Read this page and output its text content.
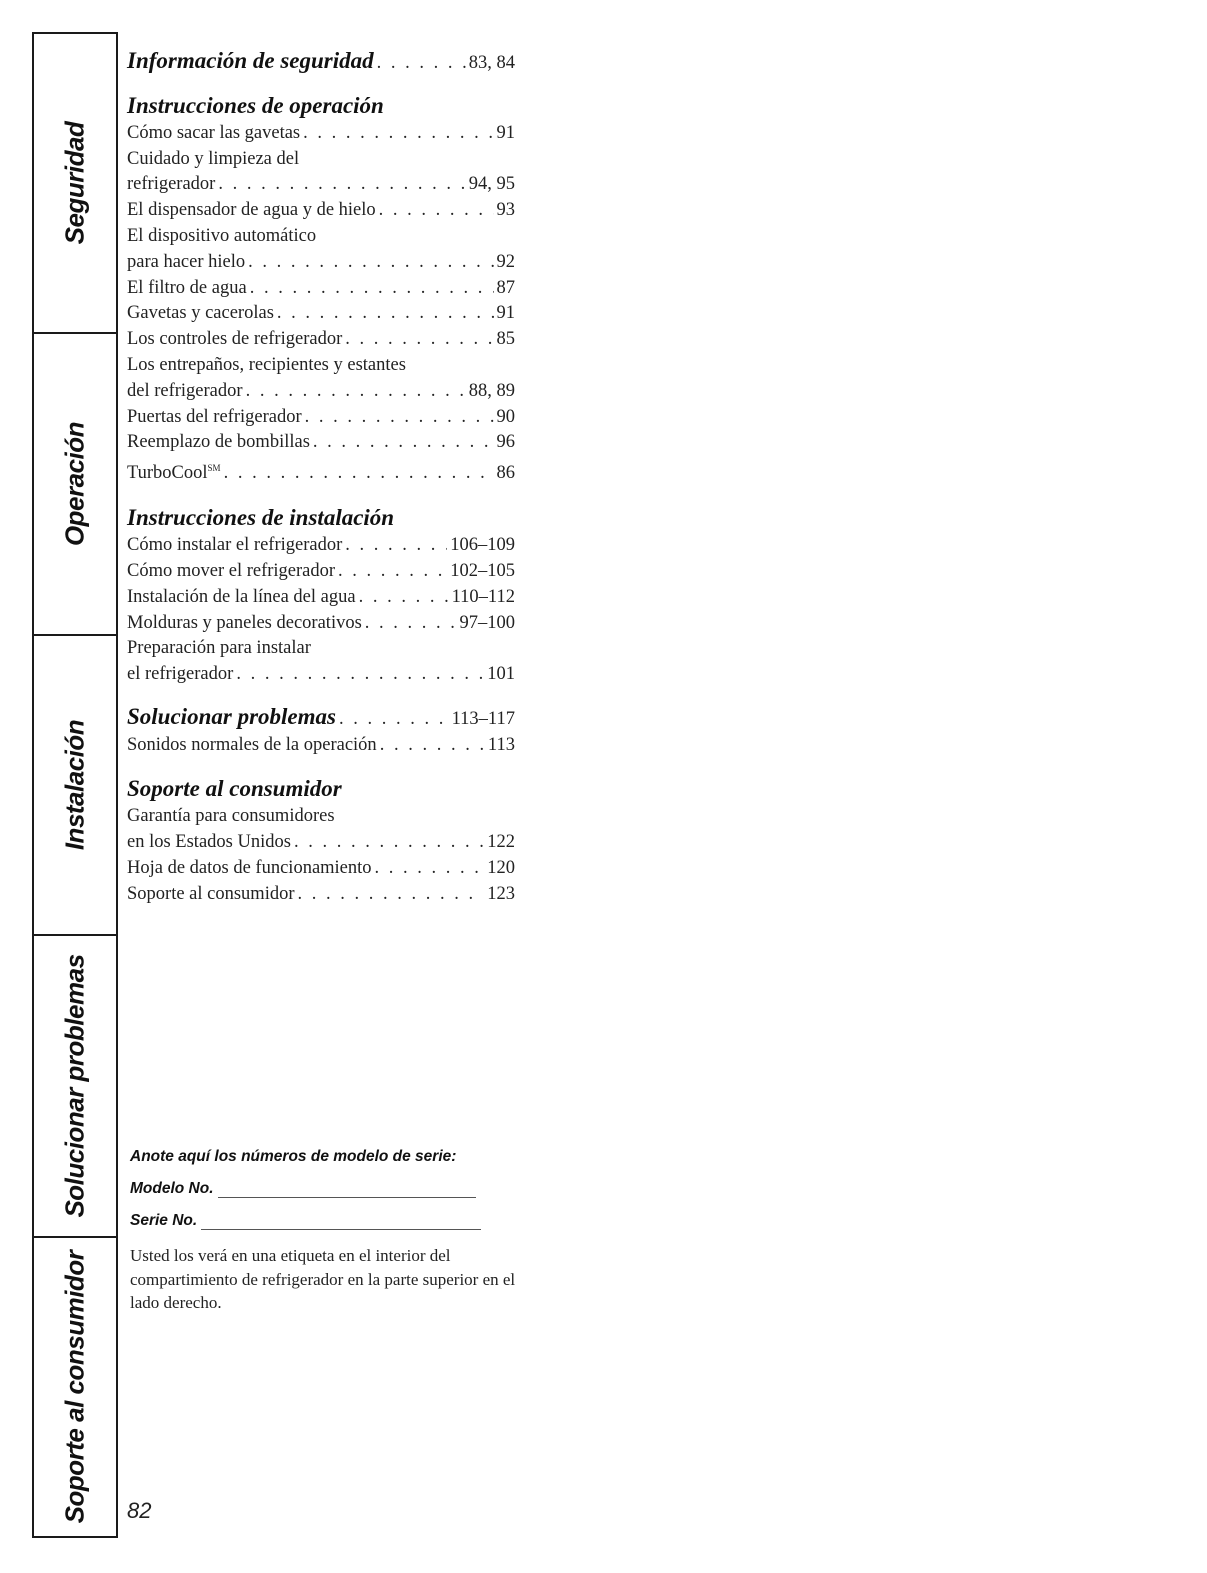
Seguridad
Operación
Instalación
Solucionar problemas
Soporte al consumidor
Información de seguridad . . .	83, 84
Instrucciones de operación
Cómo sacar las gavetas . . .	91
Cuidado y limpieza del
refrigerador . . .	94, 95
El dispensador de agua y de hielo . . .	93
El dispositivo automático
para hacer hielo . . .	92
El filtro de agua . . .	87
Gavetas y cacerolas . . .	91
Los controles de refrigerador . . .	85
Los entrepaños, recipientes y estantes
del refrigerador . . .	88, 89
Puertas del refrigerador . . .	90
Reemplazo de bombillas . . .	96
TurboCool℠ . . .	86
Instrucciones de instalación
Cómo instalar el refrigerador . . .	106–109
Cómo mover el refrigerador . . .	102–105
Instalación de la línea del agua . . .	110–112
Molduras y paneles decorativos . . .	97–100
Preparación para instalar
el refrigerador . . .	101
Solucionar problemas . . .	113–117
Sonidos normales de la operación . . .	113
Soporte al consumidor
Garantía para consumidores
en los Estados Unidos . . .	122
Hoja de datos de funcionamiento . . .	120
Soporte al consumidor . . .	123
Anote aquí los números de modelo de serie:
Modelo No.
Serie No.
Usted los verá en una etiqueta en el interior del compartimiento de refrigerador en la parte superior en el lado derecho.
82
